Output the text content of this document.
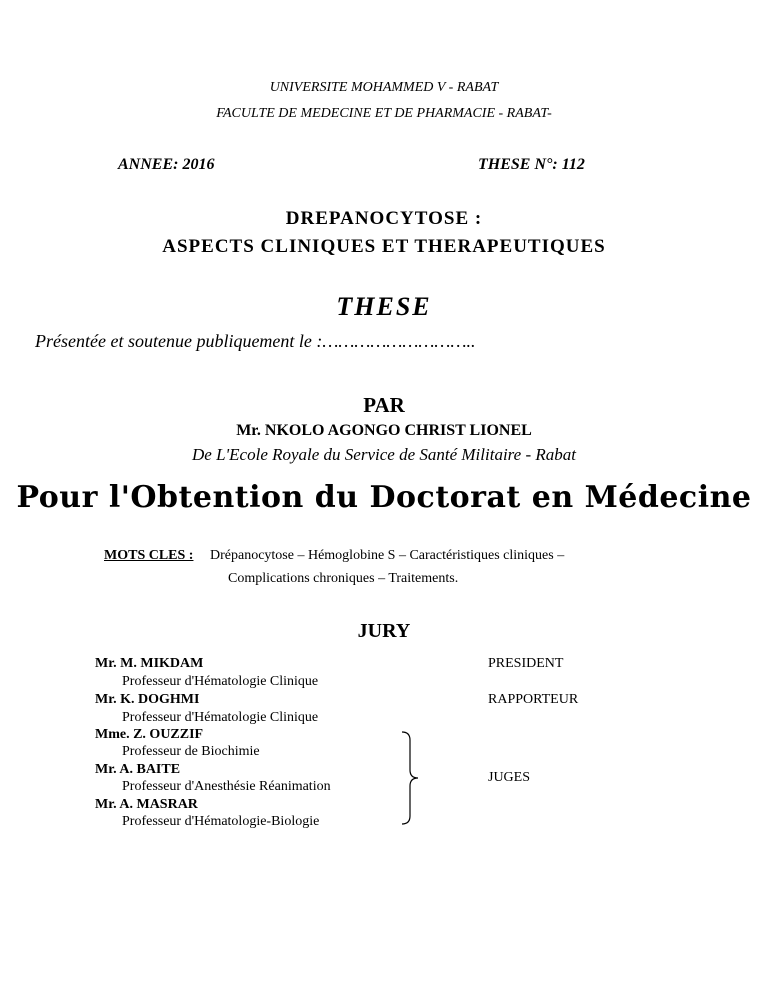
UNIVERSITE MOHAMMED V - RABAT
FACULTE DE MEDECINE ET DE PHARMACIE - RABAT-
ANNEE: 2016	THESE N°: 112
DREPANOCYTOSE :
ASPECTS CLINIQUES ET THERAPEUTIQUES
THESE
Présentée et soutenue publiquement le :………………………..
PAR
Mr. NKOLO AGONGO CHRIST LIONEL
De L'Ecole Royale du Service de Santé Militaire - Rabat
Pour l'Obtention du Doctorat en Médecine
MOTS CLES : Drépanocytose – Hémoglobine S – Caractéristiques cliniques –
Complications chroniques – Traitements.
JURY
Mr. M. MIKDAM
Professeur d'Hématologie Clinique
Mr. K. DOGHMI
Professeur d'Hématologie Clinique
Mme. Z. OUZZIF
Professeur de Biochimie
Mr. A. BAITE
Professeur d'Anesthésie Réanimation
Mr. A. MASRAR
Professeur d'Hématologie-Biologie
PRESIDENT
RAPPORTEUR
JUGES
